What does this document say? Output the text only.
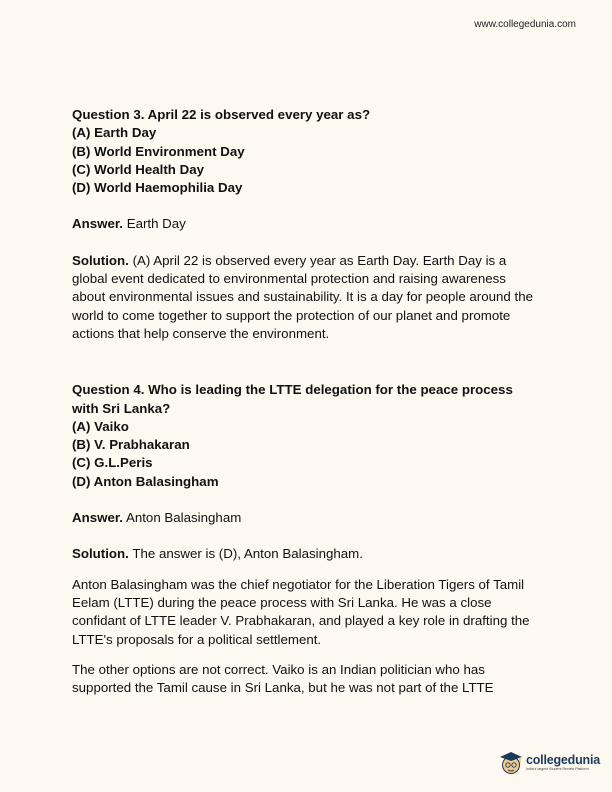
www.collegedunia.com

Question 3. April 22 is observed every year as?

(A) Earth Day

(B) World Environment Day

(C) World Health Day

(D) World Haemophilia Day

Answer. Earth Day

Solution. (A) April 22 is observed every year as Earth Day. Earth Day is a global event dedicated to environmental protection and raising awareness about environmental issues and sustainability. It is a day for people around the world to come together to support the protection of our planet and promote actions that help conserve the environment.

Question 4. Who is leading the LTTE delegation for the peace process with Sri Lanka?

(A) Vaiko

(B) V. Prabhakaran

(C) G.L.Peris

(D) Anton Balasingham

Answer. Anton Balasingham

Solution. The answer is (D), Anton Balasingham.

Anton Balasingham was the chief negotiator for the Liberation Tigers of Tamil Eelam (LTTE) during the peace process with Sri Lanka. He was a close confidant of LTTE leader V. Prabhakaran, and played a key role in drafting the LTTE's proposals for a political settlement.

The other options are not correct. Vaiko is an Indian politician who has supported the Tamil cause in Sri Lanka, but he was not part of the LTTE

collegedunia
India's largest Student Review Platform
